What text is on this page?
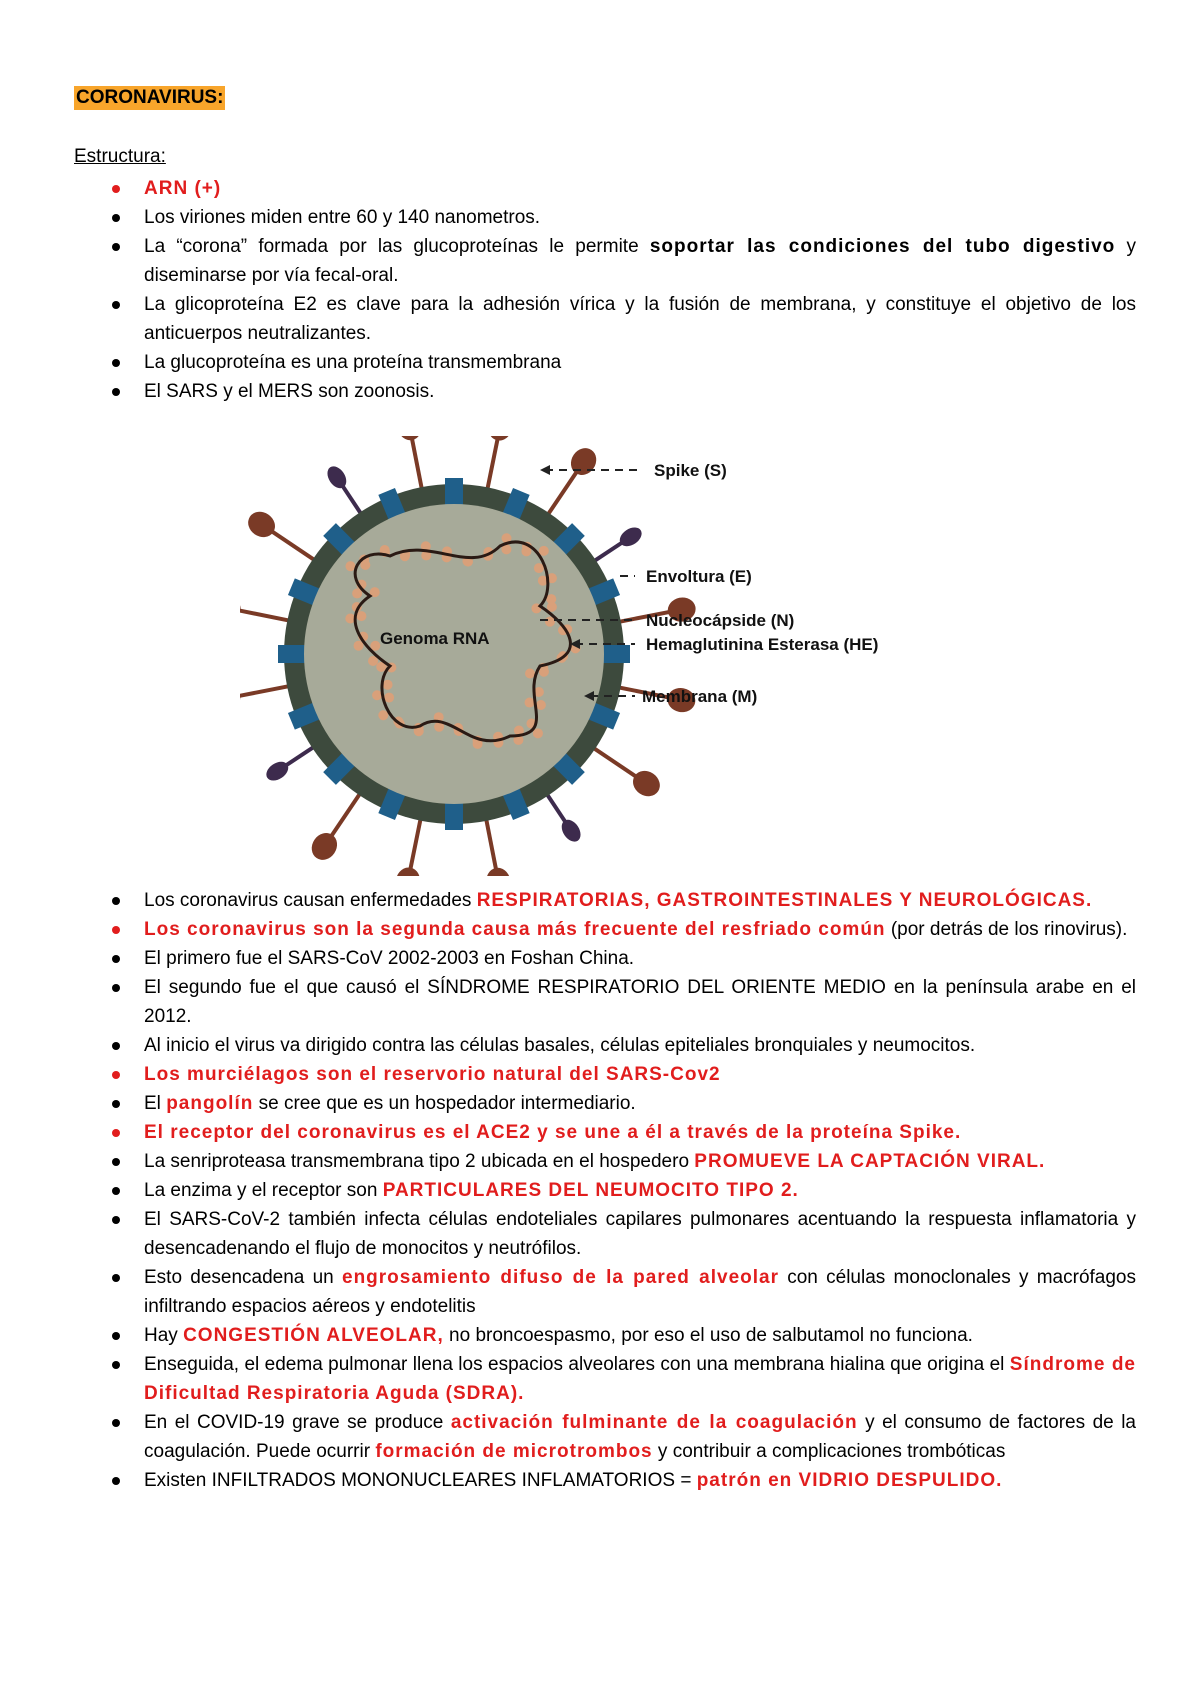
CORONAVIRUS:
Estructura:
ARN (+)
Los viriones miden entre 60 y 140 nanometros.
La “corona” formada por las glucoproteínas le permite soportar las condiciones del tubo digestivo y diseminarse por vía fecal-oral.
La glicoproteína E2 es clave para la adhesión vírica y la fusión de membrana, y constituye el objetivo de los anticuerpos neutralizantes.
La glucoproteína es una proteína transmembrana
El SARS y el MERS son zoonosis.
Genoma RNA
Spike (S)
Envoltura (E)
Nucleocápside (N)
Hemaglutinina Esterasa (HE)
Membrana (M)
Los coronavirus causan enfermedades RESPIRATORIAS, GASTROINTESTINALES Y NEUROLÓGICAS.
Los coronavirus son la segunda causa más frecuente del resfriado común (por detrás de los rinovirus).
El primero fue el SARS-CoV 2002-2003 en Foshan China.
El segundo fue el que causó el SÍNDROME RESPIRATORIO DEL ORIENTE MEDIO en la península arabe en el 2012.
Al inicio el virus va dirigido contra las células basales, células epiteliales bronquiales y neumocitos.
Los murciélagos son el reservorio natural del SARS-Cov2
El pangolín se cree que es un hospedador intermediario.
El receptor del coronavirus es el ACE2 y se une a él a través de la proteína Spike.
La senriproteasa transmembrana tipo 2 ubicada en el hospedero PROMUEVE LA CAPTACIÓN VIRAL.
La enzima y el receptor son PARTICULARES DEL NEUMOCITO TIPO 2.
El SARS-CoV-2 también infecta células endoteliales capilares pulmonares acentuando la respuesta inflamatoria y desencadenando el flujo de monocitos y neutrófilos.
Esto desencadena un engrosamiento difuso de la pared alveolar con células monoclonales y macrófagos infiltrando espacios aéreos y endotelitis
Hay CONGESTIÓN ALVEOLAR, no broncoespasmo, por eso el uso de salbutamol no funciona.
Enseguida, el edema pulmonar llena los espacios alveolares con una membrana hialina que origina el Síndrome de Dificultad Respiratoria Aguda (SDRA).
En el COVID-19 grave se produce activación fulminante de la coagulación y el consumo de factores de la coagulación. Puede ocurrir formación de microtrombos y contribuir a complicaciones trombóticas
Existen INFILTRADOS MONONUCLEARES INFLAMATORIOS = patrón en VIDRIO DESPULIDO.
